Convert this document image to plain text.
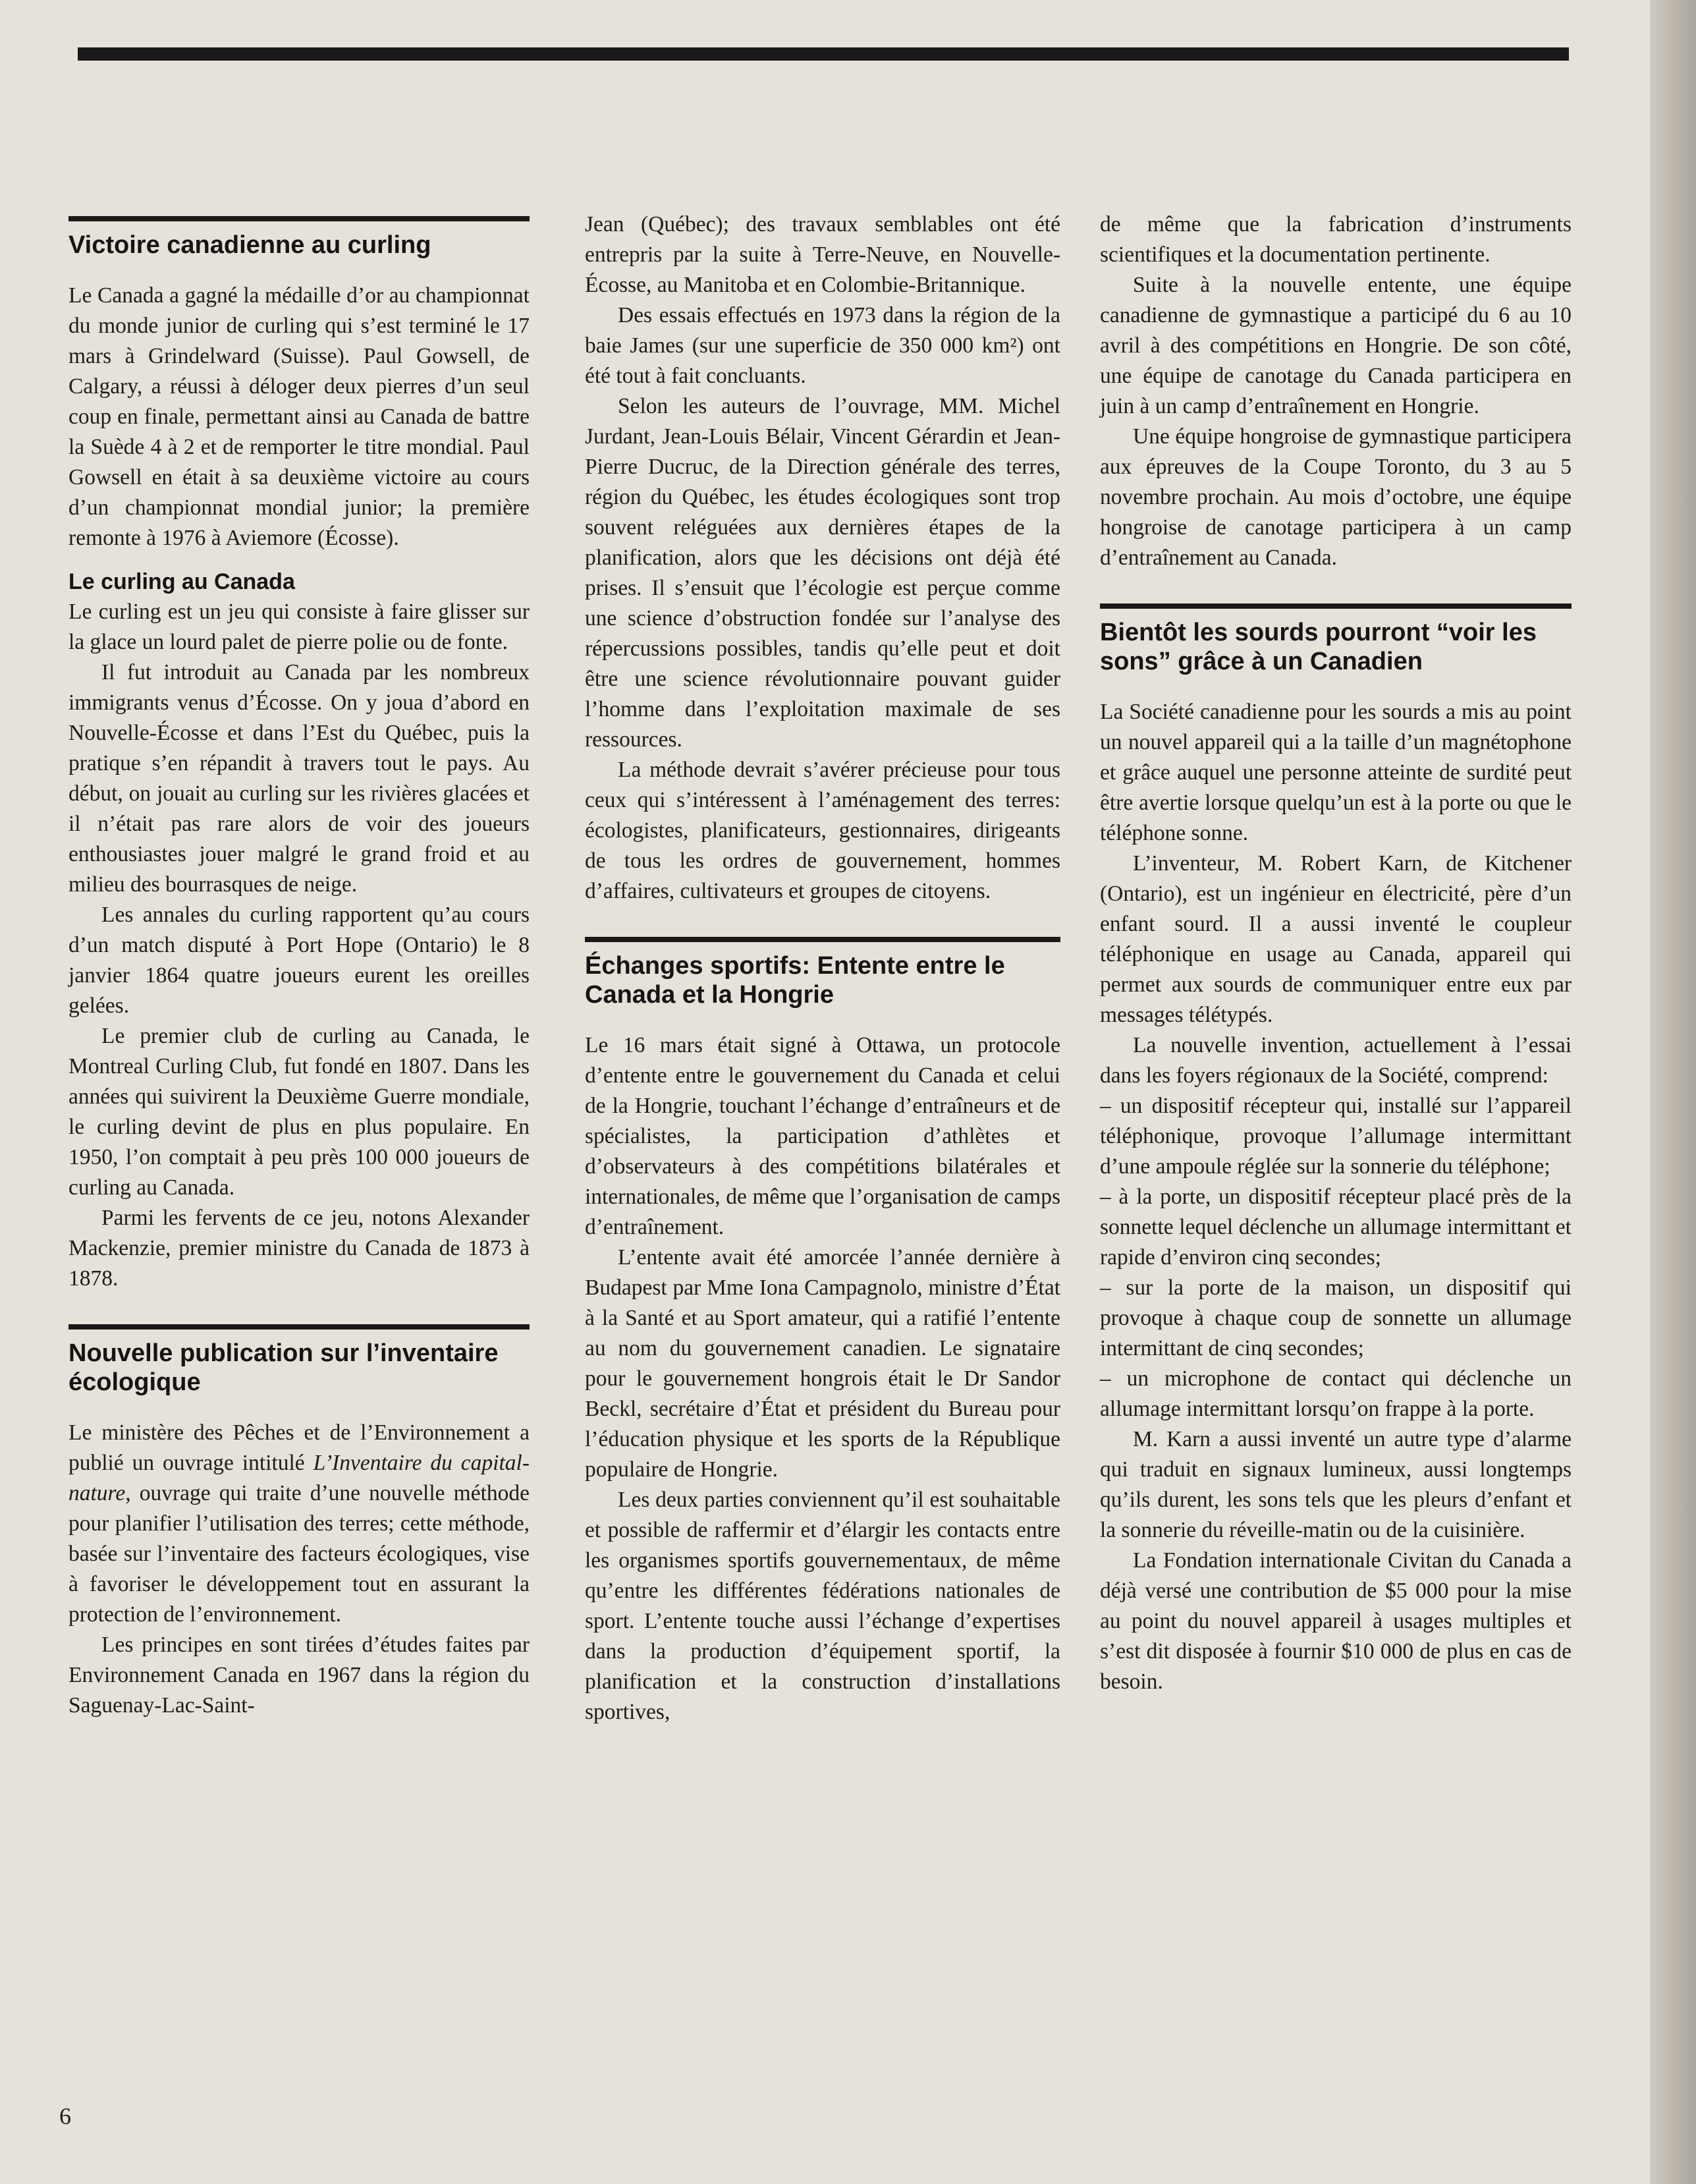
Victoire canadienne au curling

Le Canada a gagné la médaille d’or au championnat du monde junior de curling qui s’est terminé le 17 mars à Grindelward (Suisse). Paul Gowsell, de Calgary, a réussi à déloger deux pierres d’un seul coup en finale, permettant ainsi au Canada de battre la Suède 4 à 2 et de remporter le titre mondial. Paul Gowsell en était à sa deuxième victoire au cours d’un championnat mondial junior; la première remonte à 1976 à Aviemore (Écosse).

Le curling au Canada

Le curling est un jeu qui consiste à faire glisser sur la glace un lourd palet de pierre polie ou de fonte.

Il fut introduit au Canada par les nombreux immigrants venus d’Écosse. On y joua d’abord en Nouvelle-Écosse et dans l’Est du Québec, puis la pratique s’en répandit à travers tout le pays. Au début, on jouait au curling sur les rivières glacées et il n’était pas rare alors de voir des joueurs enthousiastes jouer malgré le grand froid et au milieu des bourrasques de neige.

Les annales du curling rapportent qu’au cours d’un match disputé à Port Hope (Ontario) le 8 janvier 1864 quatre joueurs eurent les oreilles gelées.

Le premier club de curling au Canada, le Montreal Curling Club, fut fondé en 1807. Dans les années qui suivirent la Deuxième Guerre mondiale, le curling devint de plus en plus populaire. En 1950, l’on comptait à peu près 100 000 joueurs de curling au Canada.

Parmi les fervents de ce jeu, notons Alexander Mackenzie, premier ministre du Canada de 1873 à 1878.

Nouvelle publication sur l’inventaire écologique

Le ministère des Pêches et de l’Environnement a publié un ouvrage intitulé L’Inventaire du capital-nature, ouvrage qui traite d’une nouvelle méthode pour planifier l’utilisation des terres; cette méthode, basée sur l’inventaire des facteurs écologiques, vise à favoriser le développement tout en assurant la protection de l’environnement.

Les principes en sont tirées d’études faites par Environnement Canada en 1967 dans la région du Saguenay-Lac-Saint-

Jean (Québec); des travaux semblables ont été entrepris par la suite à Terre-Neuve, en Nouvelle-Écosse, au Manitoba et en Colombie-Britannique.

Des essais effectués en 1973 dans la région de la baie James (sur une superficie de 350 000 km²) ont été tout à fait concluants.

Selon les auteurs de l’ouvrage, MM. Michel Jurdant, Jean-Louis Bélair, Vincent Gérardin et Jean-Pierre Ducruc, de la Direction générale des terres, région du Québec, les études écologiques sont trop souvent reléguées aux dernières étapes de la planification, alors que les décisions ont déjà été prises. Il s’ensuit que l’écologie est perçue comme une science d’obstruction fondée sur l’analyse des répercussions possibles, tandis qu’elle peut et doit être une science révolutionnaire pouvant guider l’homme dans l’exploitation maximale de ses ressources.

La méthode devrait s’avérer précieuse pour tous ceux qui s’intéressent à l’aménagement des terres: écologistes, planificateurs, gestionnaires, dirigeants de tous les ordres de gouvernement, hommes d’affaires, cultivateurs et groupes de citoyens.

Échanges sportifs: Entente entre le Canada et la Hongrie

Le 16 mars était signé à Ottawa, un protocole d’entente entre le gouvernement du Canada et celui de la Hongrie, touchant l’échange d’entraîneurs et de spécialistes, la participation d’athlètes et d’observateurs à des compétitions bilatérales et internationales, de même que l’organisation de camps d’entraînement.

L’entente avait été amorcée l’année dernière à Budapest par Mme Iona Campagnolo, ministre d’État à la Santé et au Sport amateur, qui a ratifié l’entente au nom du gouvernement canadien. Le signataire pour le gouvernement hongrois était le Dr Sandor Beckl, secrétaire d’État et président du Bureau pour l’éducation physique et les sports de la République populaire de Hongrie.

Les deux parties conviennent qu’il est souhaitable et possible de raffermir et d’élargir les contacts entre les organismes sportifs gouvernementaux, de même qu’entre les différentes fédérations nationales de sport. L’entente touche aussi l’échange d’expertises dans la production d’équipement sportif, la planification et la construction d’installations sportives,

de même que la fabrication d’instruments scientifiques et la documentation pertinente.

Suite à la nouvelle entente, une équipe canadienne de gymnastique a participé du 6 au 10 avril à des compétitions en Hongrie. De son côté, une équipe de canotage du Canada participera en juin à un camp d’entraînement en Hongrie.

Une équipe hongroise de gymnastique participera aux épreuves de la Coupe Toronto, du 3 au 5 novembre prochain. Au mois d’octobre, une équipe hongroise de canotage participera à un camp d’entraînement au Canada.

Bientôt les sourds pourront “voir les sons” grâce à un Canadien

La Société canadienne pour les sourds a mis au point un nouvel appareil qui a la taille d’un magnétophone et grâce auquel une personne atteinte de surdité peut être avertie lorsque quelqu’un est à la porte ou que le téléphone sonne.

L’inventeur, M. Robert Karn, de Kitchener (Ontario), est un ingénieur en électricité, père d’un enfant sourd. Il a aussi inventé le coupleur téléphonique en usage au Canada, appareil qui permet aux sourds de communiquer entre eux par messages télétypés.

La nouvelle invention, actuellement à l’essai dans les foyers régionaux de la Société, comprend:

– un dispositif récepteur qui, installé sur l’appareil téléphonique, provoque l’allumage intermittant d’une ampoule réglée sur la sonnerie du téléphone;

– à la porte, un dispositif récepteur placé près de la sonnette lequel déclenche un allumage intermittant et rapide d’environ cinq secondes;

– sur la porte de la maison, un dispositif qui provoque à chaque coup de sonnette un allumage intermittant de cinq secondes;

– un microphone de contact qui déclenche un allumage intermittant lorsqu’on frappe à la porte.

M. Karn a aussi inventé un autre type d’alarme qui traduit en signaux lumineux, aussi longtemps qu’ils durent, les sons tels que les pleurs d’enfant et la sonnerie du réveille-matin ou de la cuisinière.

La Fondation internationale Civitan du Canada a déjà versé une contribution de $5 000 pour la mise au point du nouvel appareil à usages multiples et s’est dit disposée à fournir $10 000 de plus en cas de besoin.

6
